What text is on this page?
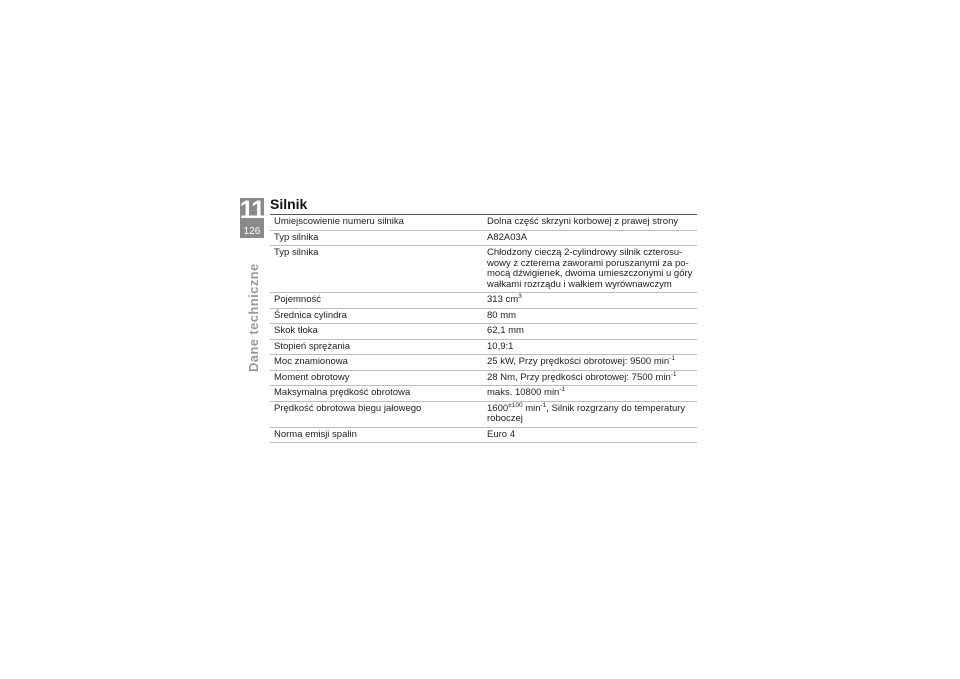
11
126
Dane techniczne
Silnik
Umiejscowienie numeru silnika	Dolna część skrzyni korbowej z prawej strony
Typ silnika	A82A03A
Typ silnika	Chłodzony cieczą 2-cylindrowy silnik czterosu-
wowy z czterema zaworami poruszanymi za po-
mocą dźwigienek, dwoma umieszczonymi u góry
wałkami rozrządu i wałkiem wyrównawczym
Pojemność	313 $cm^3$
Średnica cylindra	80 mm
Skok tłoka	62,1 mm
Stopień sprężania	10,9:1
Moc znamionowa	25 kW, Przy prędkości obrotowej: 9500 $\min^{-1}$
Moment obrotowy	28 Nm, Przy prędkości obrotowej: 7500 $\min^{-1}$
Maksymalna prędkość obrotowa	maks. 10800 $\min^{-1}$
Prędkość obrotowa biegu jałowego	$1600^{\pm 100}$ $\min^{-1}$, Silnik rozgrzany do temperatury
roboczej
Norma emisji spalin	Euro 4
